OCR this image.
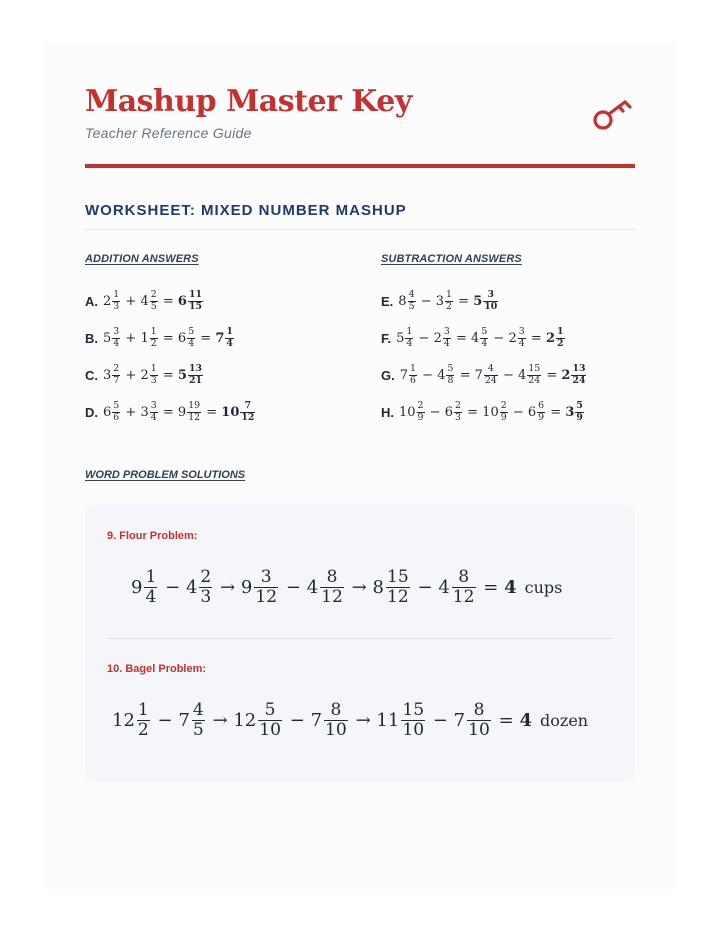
Mashup Master Key
Teacher Reference Guide
WORKSHEET: MIXED NUMBER MASHUP
ADDITION ANSWERS	SUBTRACTION ANSWERS
A. $2 \frac{1}{3} + 4 \frac{2}{5} = 6 \frac{11}{15}$
B. $5 \frac{3}{4} + 1 \frac{1}{2} = 6 \frac{5}{4} = 7 \frac{1}{4}$
C. $3 \frac{2}{7} + 2 \frac{1}{3} = 5 \frac{13}{21}$
D. $6 \frac{5}{6} + 3 \frac{3}{4} = 9 \frac{19}{12} = 10 \frac{7}{12}$
E. $8 \frac{4}{5} - 3 \frac{1}{2} = 5 \frac{3}{10}$
F. $5 \frac{1}{4} - 2 \frac{3}{4} = 4 \frac{5}{4} - 2 \frac{3}{4} = 2 \frac{1}{2}$
G. $7 \frac{1}{6} - 4 \frac{5}{8} = 7 \frac{4}{24} - 4 \frac{15}{24} = 2 \frac{13}{24}$
H. $10 \frac{2}{9} - 6 \frac{2}{3} = 10 \frac{2}{9} - 6 \frac{6}{9} = 3 \frac{5}{9}$
WORD PROBLEM SOLUTIONS
9. Flour Problem:
$9 \frac{1}{4} - 4 \frac{2}{3} \to 9 \frac{3}{12} - 4 \frac{8}{12} \to 8 \frac{15}{12} - 4 \frac{8}{12} = 4$ cups
10. Bagel Problem:
$12 \frac{1}{2} - 7 \frac{4}{5} \to 12 \frac{5}{10} - 7 \frac{8}{10} \to 11 \frac{15}{10} - 7 \frac{8}{10} = 4$ dozen
